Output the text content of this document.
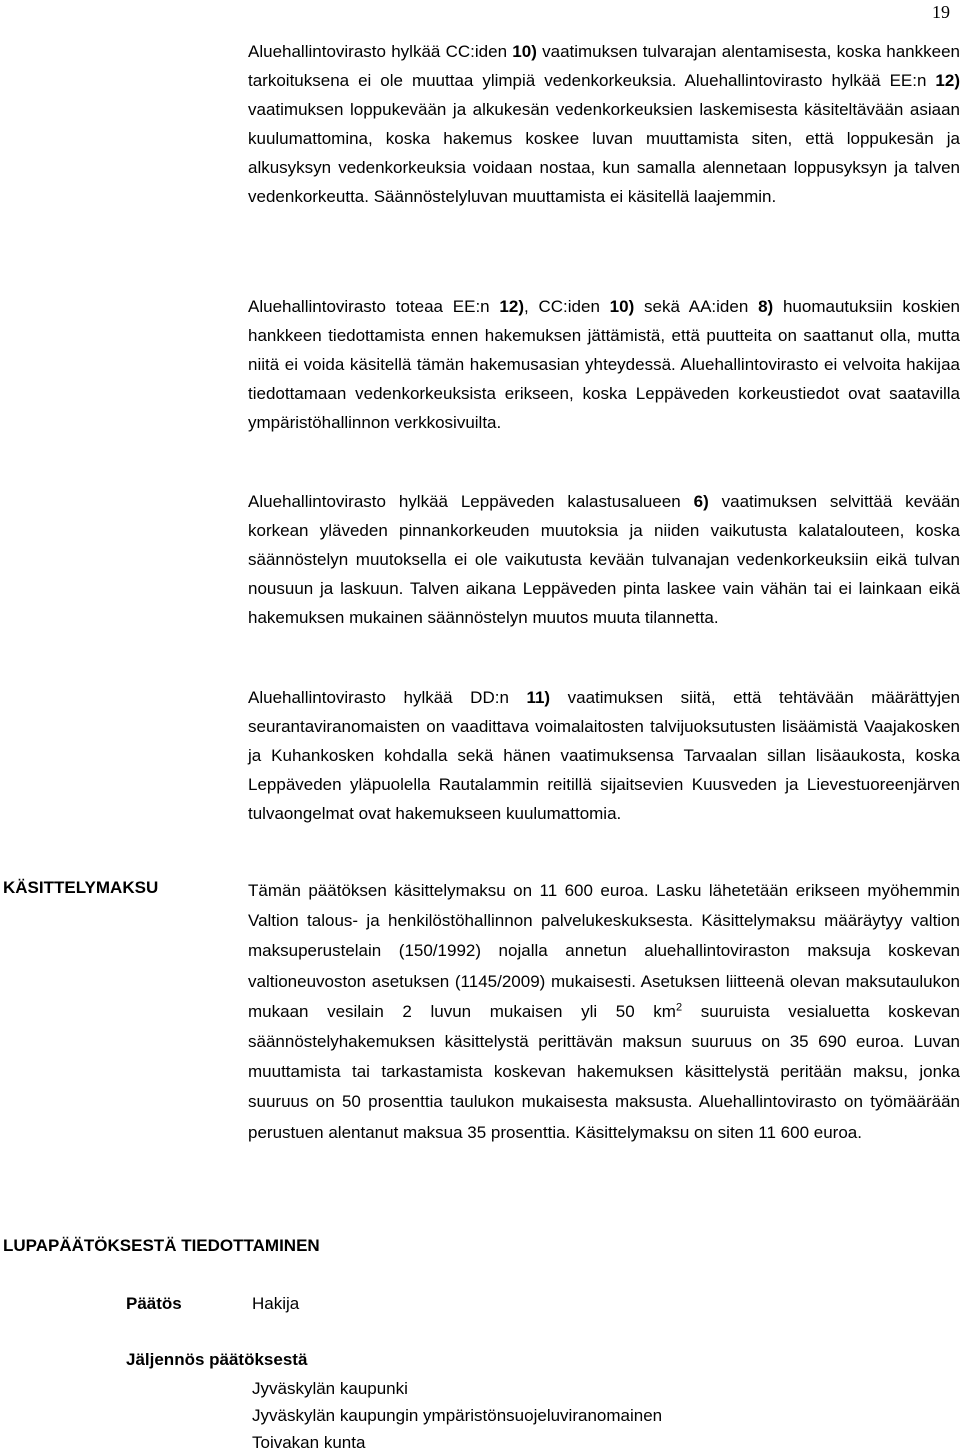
19

Aluehallintovirasto hylkää CC:iden 10) vaatimuksen tulvarajan alentamisesta, koska hankkeen tarkoituksena ei ole muuttaa ylimpiä vedenkorkeuksia. Aluehallintovirasto hylkää EE:n 12) vaatimuksen loppukevään ja alkukesän vedenkorkeuksien laskemisesta käsiteltävään asiaan kuulumattomina, koska hakemus koskee luvan muuttamista siten, että loppukesän ja alkusyksyn vedenkorkeuksia voidaan nostaa, kun samalla alennetaan loppusyksyn ja talven vedenkorkeutta. Säännöstelyluvan muuttamista ei käsitellä laajemmin.

Aluehallintovirasto toteaa EE:n 12), CC:iden 10) sekä AA:iden 8) huomautuksiin koskien hankkeen tiedottamista ennen hakemuksen jättämistä, että puutteita on saattanut olla, mutta niitä ei voida käsitellä tämän hakemusasian yhteydessä. Aluehallintovirasto ei velvoita hakijaa tiedottamaan vedenkorkeuksista erikseen, koska Leppäveden korkeustiedot ovat saatavilla ympäristöhallinnon verkkosivuilta.

Aluehallintovirasto hylkää Leppäveden kalastusalueen 6) vaatimuksen selvittää kevään korkean yläveden pinnankorkeuden muutoksia ja niiden vaikutusta kalatalouteen, koska säännöstelyn muutoksella ei ole vaikutusta kevään tulvanajan vedenkorkeuksiin eikä tulvan nousuun ja laskuun. Talven aikana Leppäveden pinta laskee vain vähän tai ei lainkaan eikä hakemuksen mukainen säännöstelyn muutos muuta tilannetta.

Aluehallintovirasto hylkää DD:n 11) vaatimuksen siitä, että tehtävään määrättyjen seurantaviranomaisten on vaadittava voimalaitosten talvijuoksutusten lisäämistä Vaajakosken ja Kuhankosken kohdalla sekä hänen vaatimuksensa Tarvaalan sillan lisäaukosta, koska Leppäveden yläpuolella Rautalammin reitillä sijaitsevien Kuusveden ja Lievestuoreenjärven tulvaongelmat ovat hakemukseen kuulumattomia.

KÄSITTELYMAKSU	Tämän päätöksen käsittelymaksu on 11 600 euroa. Lasku lähetetään erikseen myöhemmin Valtion talous- ja henkilöstöhallinnon palvelukeskuksesta. Käsittelymaksu määräytyy valtion maksuperustelain (150/1992) nojalla annetun aluehallintoviraston maksuja koskevan valtioneuvoston asetuksen (1145/2009) mukaisesti. Asetuksen liitteenä olevan maksutaulukon mukaan vesilain 2 luvun mukaisen yli 50 $km^2$ suuruista vesialuetta koskevan säännöstelyhakemuksen käsittelystä perittävän maksun suuruus on 35 690 euroa. Luvan muuttamista tai tarkastamista koskevan hakemuksen käsittelystä peritään maksu, jonka suuruus on 50 prosenttia taulukon mukaisesta maksusta. Aluehallintovirasto on työmäärään perustuen alentanut maksua 35 prosenttia. Käsittelymaksu on siten 11 600 euroa.

LUPAPÄÄTÖKSESTÄ TIEDOTTAMINEN
Päätös	Hakija
Jäljennös päätöksestä
Jyväskylän kaupunki
Jyväskylän kaupungin ympäristönsuojeluviranomainen
Toivakan kunta
